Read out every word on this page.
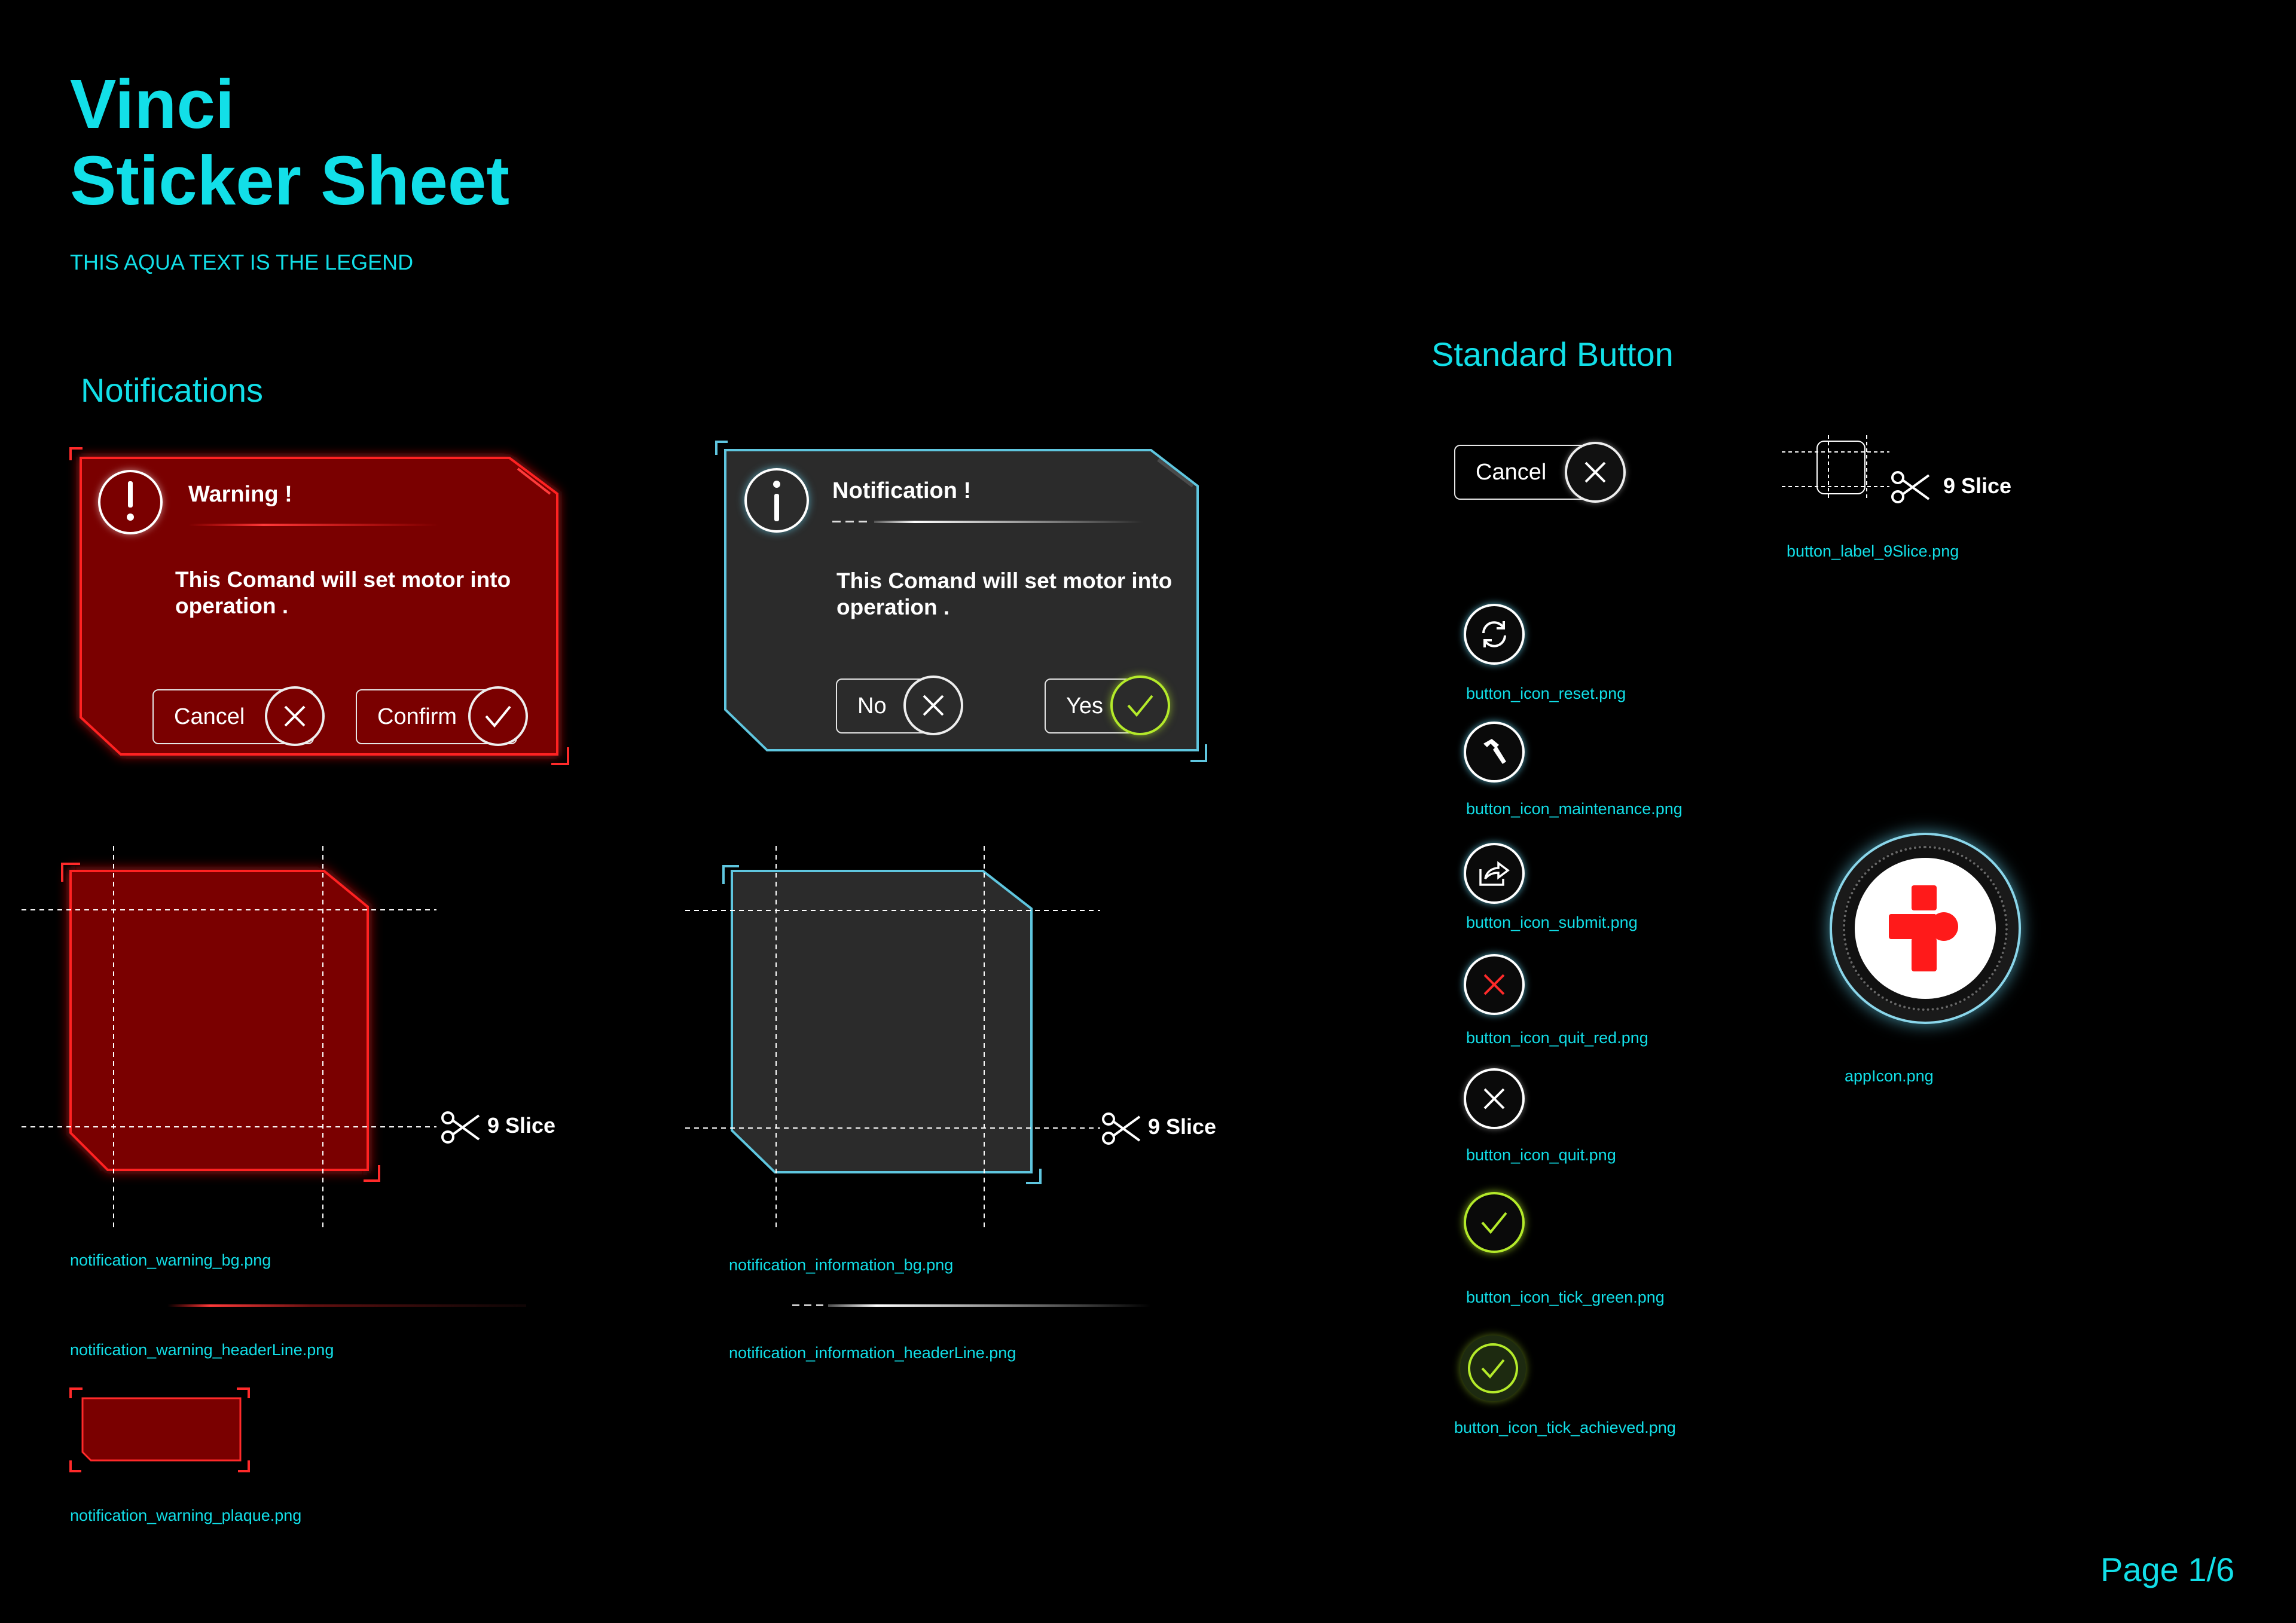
Vinci
Sticker Sheet
THIS AQUA TEXT IS THE LEGEND
Notifications
Standard Button
Warning !
This Comand will set motor into
operation .
Cancel	Confirm
Notification !
This Comand will set motor into
operation .
No	Yes
9 Slice
notification_warning_bg.png
notification_warning_headerLine.png
notification_warning_plaque.png
9 Slice
notification_information_bg.png
notification_information_headerLine.png
Cancel
9 Slice
button_label_9Slice.png
button_icon_reset.png
button_icon_maintenance.png
button_icon_submit.png
button_icon_quit_red.png
button_icon_quit.png
button_icon_tick_green.png
button_icon_tick_achieved.png
appIcon.png
Page 1/6
